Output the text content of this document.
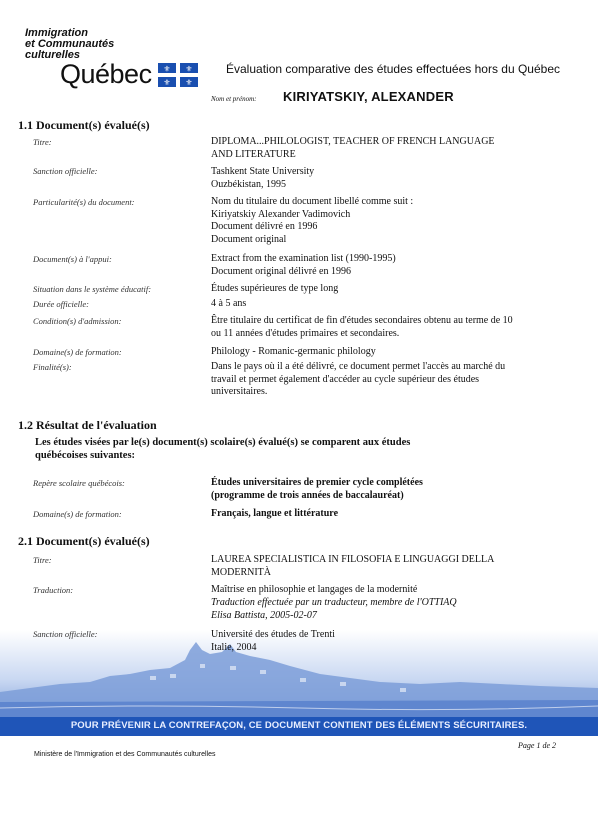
Immigration
et Communautés
culturelles
Québec ⚜ ⚜
⚜ ⚜
Évaluation comparative des études effectuées hors du Québec
Nom et prénom: KIRIYATSKIY, ALEXANDER
1.1 Document(s) évalué(s)
Titre:	DIPLOMA...PHILOLOGIST, TEACHER OF FRENCH LANGUAGE
AND LITERATURE
Sanction officielle:	Tashkent State University
Ouzbékistan, 1995
Particularité(s) du document:	Nom du titulaire du document libellé comme suit :
Kiriyatskiy Alexander Vadimovich
Document délivré en 1996
Document original
Document(s) à l'appui:	Extract from the examination list (1990-1995)
Document original délivré en 1996
Situation dans le système éducatif:	Études supérieures de type long
Durée officielle:	4 à 5 ans
Condition(s) d'admission:	Être titulaire du certificat de fin d'études secondaires obtenu au terme de 10
ou 11 années d'études primaires et secondaires.
Domaine(s) de formation:	Philology - Romanic-germanic philology
Finalité(s):	Dans le pays où il a été délivré, ce document permet l'accès au marché du
travail et permet également d'accéder au cycle supérieur des études
universitaires.
1.2 Résultat de l'évaluation
Les études visées par le(s) document(s) scolaire(s) évalué(s) se comparent aux études
québécoises suivantes:
Repère scolaire québécois:	Études universitaires de premier cycle complétées
(programme de trois années de baccalauréat)
Domaine(s) de formation:	Français, langue et littérature
2.1 Document(s) évalué(s)
Titre:	LAUREA SPECIALISTICA IN FILOSOFIA E LINGUAGGI DELLA
MODERNITÀ
Traduction:	Maîtrise en philosophie et langages de la modernité
Traduction effectuée par un traducteur, membre de l'OTTIAQ
Elisa Battista, 2005-02-07
Sanction officielle:	Université des études de Trenti
Italie, 2004
POUR PRÉVENIR LA CONTREFAÇON, CE DOCUMENT CONTIENT DES ÉLÉMENTS SÉCURITAIRES.
Page 1 de 2
Ministère de l'Immigration et des Communautés culturelles
